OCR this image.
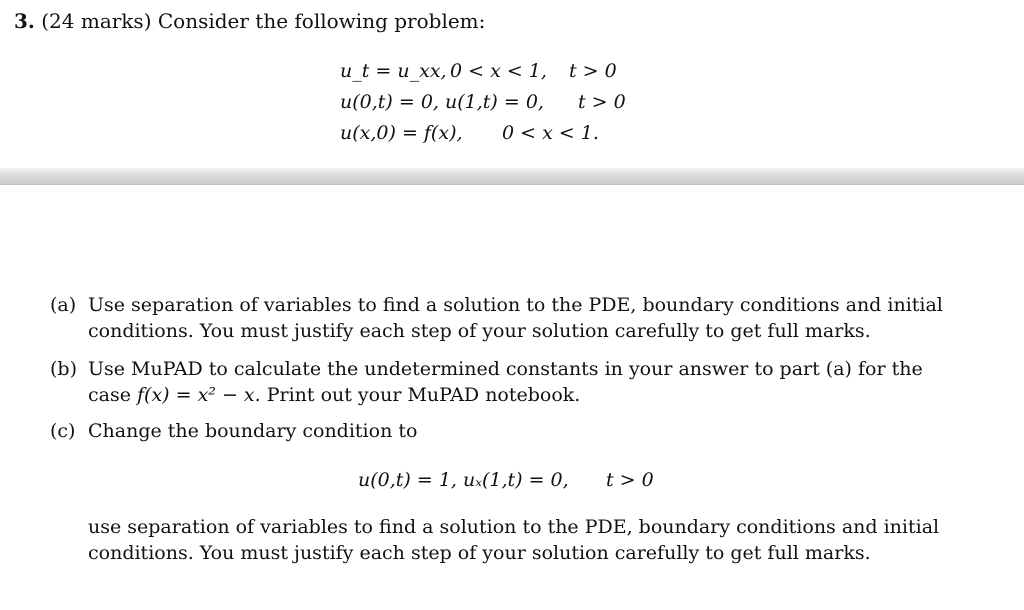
3. (24 marks) Consider the following problem:
u_t = u_xx, 0 < x < 1, t > 0
u(0,t) = 0, u(1,t) = 0, t > 0
u(x,0) = f(x), 0 < x < 1.
(a) Use separation of variables to find a solution to the PDE, boundary conditions and initial
conditions. You must justify each step of your solution carefully to get full marks.
(b) Use MuPAD to calculate the undetermined constants in your answer to part (a) for the
case f(x) = x² − x. Print out your MuPAD notebook.
(c) Change the boundary condition to
u(0,t) = 1, uₓ(1,t) = 0, t > 0
use separation of variables to find a solution to the PDE, boundary conditions and initial
conditions. You must justify each step of your solution carefully to get full marks.
